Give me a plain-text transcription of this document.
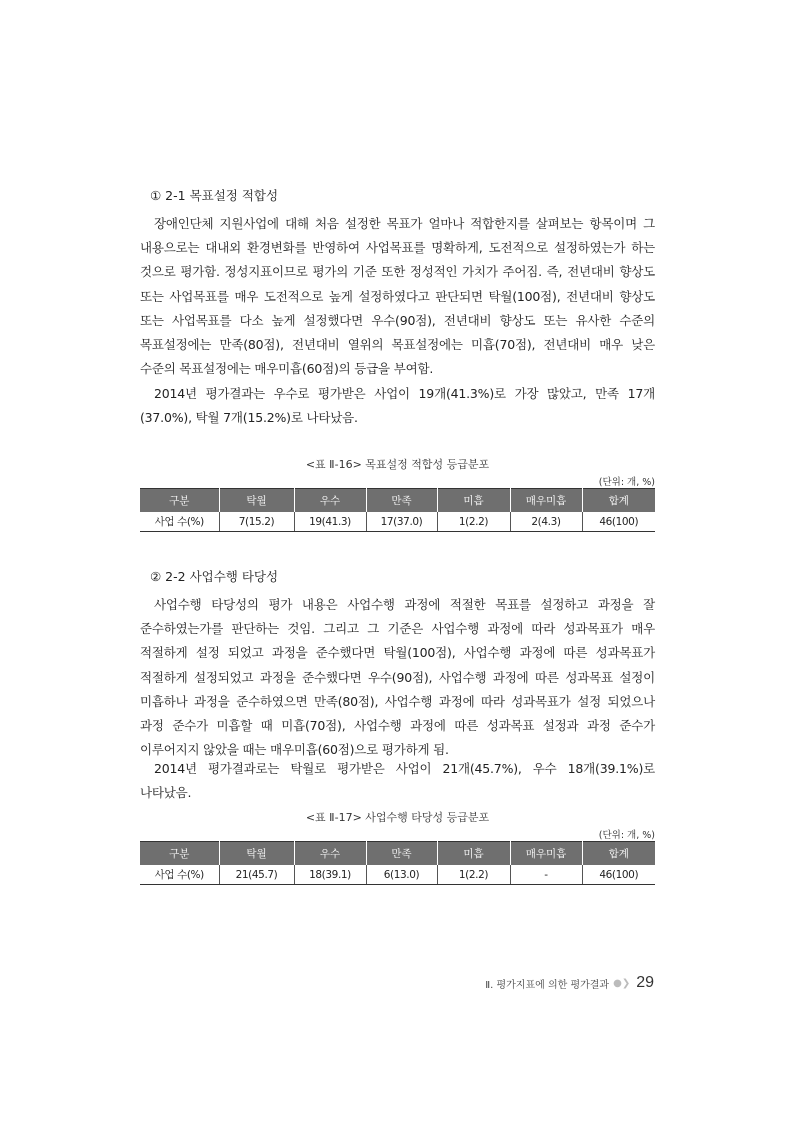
① 2-1 목표설정 적합성
장애인단체 지원사업에 대해 처음 설정한 목표가 얼마나 적합한지를 살펴보는 항목이며 그 내용으로는 대내외 환경변화를 반영하여 사업목표를 명확하게, 도전적으로 설정하였는가 하는 것으로 평가함. 정성지표이므로 평가의 기준 또한 정성적인 가치가 주어짐. 즉, 전년대비 향상도 또는 사업목표를 매우 도전적으로 높게 설정하였다고 판단되면 탁월(100점), 전년대비 향상도 또는 사업목표를 다소 높게 설정했다면 우수(90점), 전년대비 향상도 또는 유사한 수준의 목표설정에는 만족(80점), 전년대비 열위의 목표설정에는 미흡(70점), 전년대비 매우 낮은 수준의 목표설정에는 매우미흡(60점)의 등급을 부여함.
2014년 평가결과는 우수로 평가받은 사업이 19개(41.3%)로 가장 많았고, 만족 17개(37.0%), 탁월 7개(15.2%)로 나타났음.
<표 Ⅱ-16> 목표설정 적합성 등급분포
(단위: 개, %)
구분	탁월	우수	만족	미흡	매우미흡	합계
사업 수(%)	7(15.2)	19(41.3)	17(37.0)	1(2.2)	2(4.3)	46(100)
② 2-2 사업수행 타당성
사업수행 타당성의 평가 내용은 사업수행 과정에 적절한 목표를 설정하고 과정을 잘 준수하였는가를 판단하는 것임. 그리고 그 기준은 사업수행 과정에 따라 성과목표가 매우 적절하게 설정 되었고 과정을 준수했다면 탁월(100점), 사업수행 과정에 따른 성과목표가 적절하게 설정되었고 과정을 준수했다면 우수(90점), 사업수행 과정에 따른 성과목표 설정이 미흡하나 과정을 준수하였으면 만족(80점), 사업수행 과정에 따라 성과목표가 설정 되었으나 과정 준수가 미흡할 때 미흡(70점), 사업수행 과정에 따른 성과목표 설정과 과정 준수가 이루어지지 않았을 때는 매우미흡(60점)으로 평가하게 됨.
2014년 평가결과로는 탁월로 평가받은 사업이 21개(45.7%), 우수 18개(39.1%)로 나타났음.
<표 Ⅱ-17> 사업수행 타당성 등급분포
(단위: 개, %)
구분	탁월	우수	만족	미흡	매우미흡	합계
사업 수(%)	21(45.7)	18(39.1)	6(13.0)	1(2.2)	-	46(100)
Ⅱ. 평가지표에 의한 평가결과 ●❯ 29
